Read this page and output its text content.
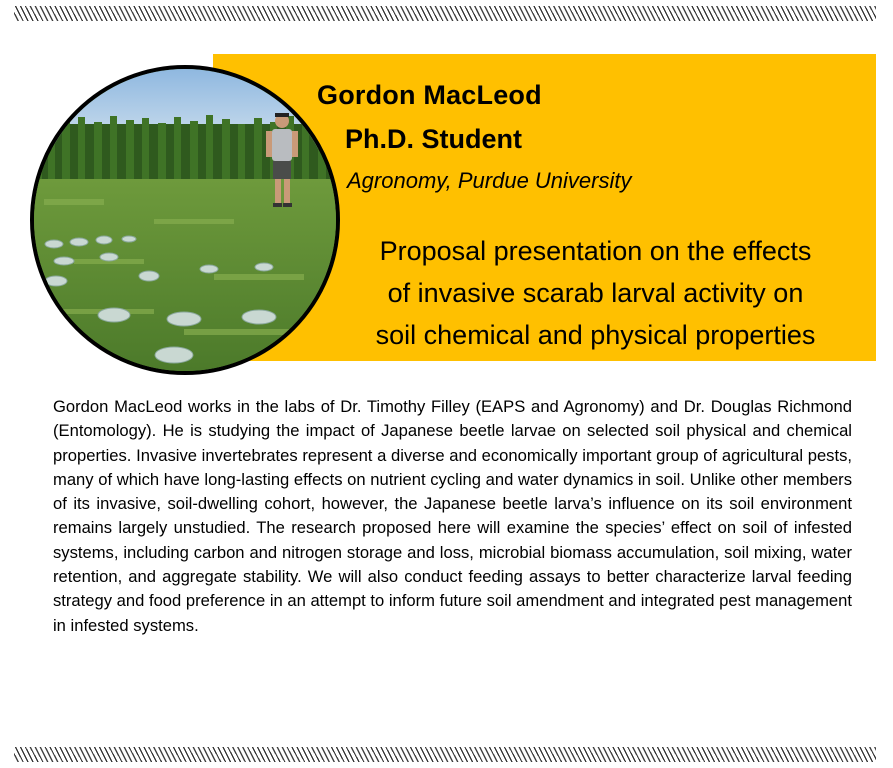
Gordon MacLeod
Ph.D. Student
Agronomy, Purdue University
Proposal presentation on the effects
of invasive scarab larval activity on
soil chemical and physical properties
Gordon MacLeod works in the labs of Dr. Timothy Filley (EAPS and Agronomy) and Dr. Douglas Richmond (Entomology). He is studying the impact of Japanese beetle larvae on selected soil physical and chemical properties. Invasive invertebrates represent a diverse and economically important group of agricultural pests, many of which have long-lasting effects on nutrient cycling and water dynamics in soil. Unlike other members of its invasive, soil-dwelling cohort, however, the Japanese beetle larva’s influence on its soil environment remains largely unstudied. The research proposed here will examine the species’ effect on soil of infested systems, including carbon and nitrogen storage and loss, microbial biomass accumulation, soil mixing, water retention, and aggregate stability. We will also conduct feeding assays to better characterize larval feeding strategy and food preference in an attempt to inform future soil amendment and integrated pest management in infested systems.
